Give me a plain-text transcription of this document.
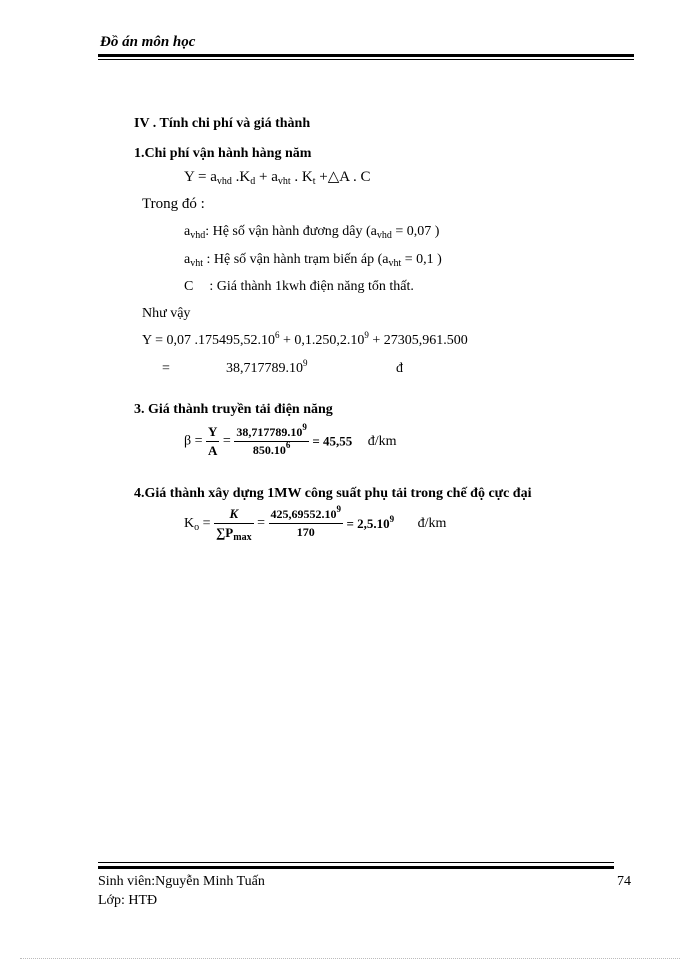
Đồ án môn học
IV . Tính chi phí và giá thành
1.Chi phí vận hành hàng năm
$Y = a_{vhd}$ $.K_d + a_{vht}$ . $K_t$ +△A . C
Trong đó :
$a_{vhd}$: Hệ số vận hành đương dây ($a_{vhd} = 0,07$ )
$a_{vht}$ : Hệ số vận hành trạm biến áp ($a_{vht} = 0,1$ )
C : Giá thành 1kwh điện năng tổn thất.
Như vậy
Y = 0,07 $.175495,52.10^6 + 0,1.250,2.10^9 + 27305,961.500$
=	$38,717789.10^9$	đ
3. Giá thành truyền tải điện năng
$\beta = \frac{Y}{A} = \frac{38,717789.10^9}{850.10^6} = 45,55$ đ/km
4.Giá thành xây dựng 1MW công suất phụ tải trong chế độ cực đại
$K_o = \frac{K}{\sum P_{max}} = \frac{425,69552.10^9}{170} = 2,5.10^9$ đ/km
Sinh viên:Nguyễn Minh Tuấn	74
Lớp: HTĐ
